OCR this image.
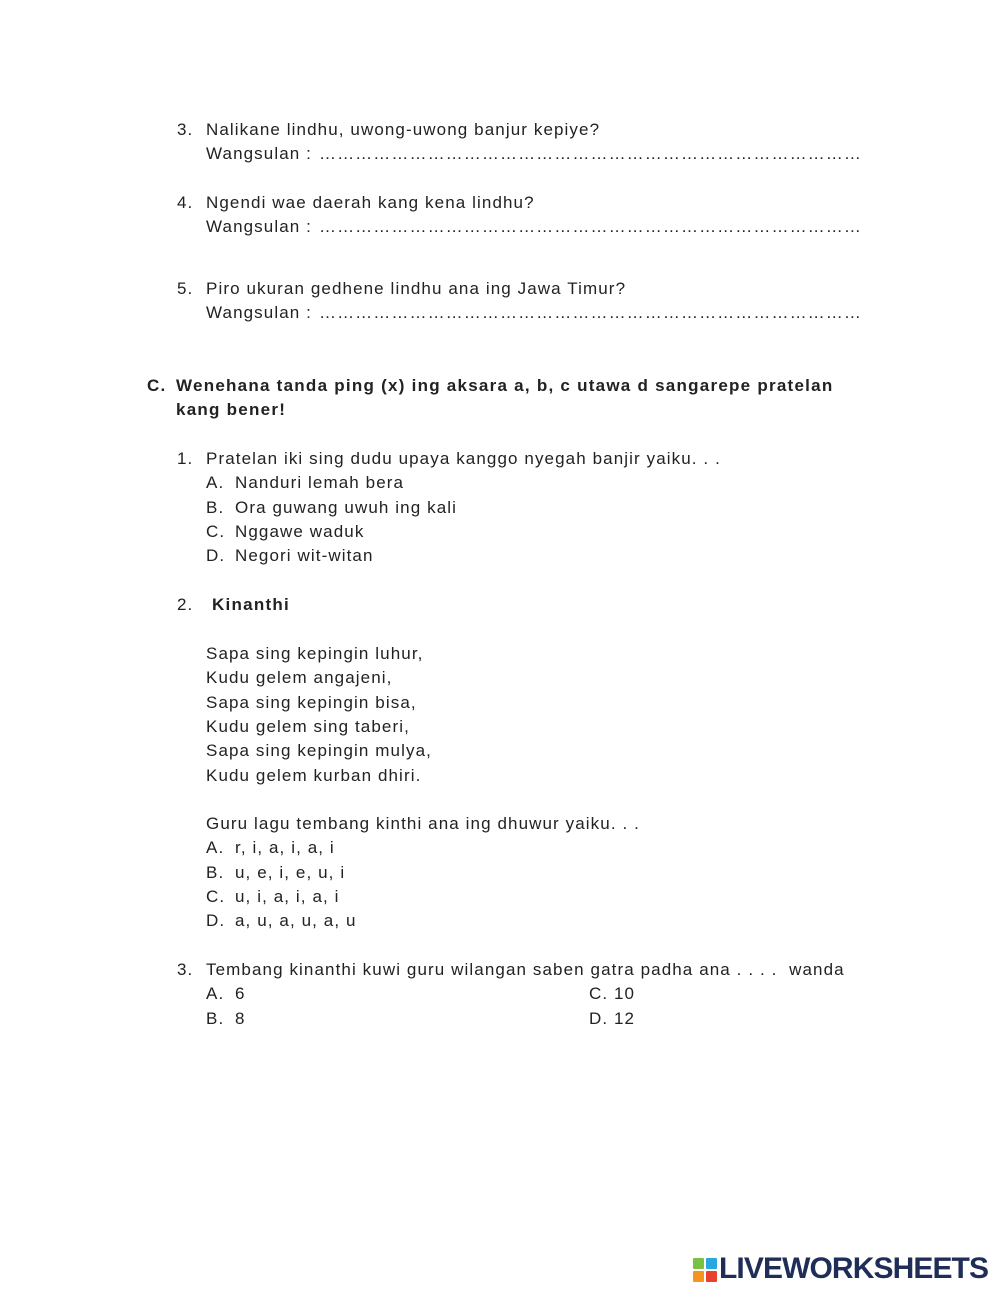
3. Nalikane lindhu, uwong-uwong banjur kepiye?
Wangsulan : ………………………………………………………………………………
4. Ngendi wae daerah kang kena lindhu?
Wangsulan : ………………………………………………………………………………
5. Piro ukuran gedhene lindhu ana ing Jawa Timur?
Wangsulan : ………………………………………………………………………………
C. Wenehana tanda ping (x) ing aksara a, b, c utawa d sangarepe pratelan
kang bener!
1. Pratelan iki sing dudu upaya kanggo nyegah banjir yaiku. . .
A. Nanduri lemah bera
B. Ora guwang uwuh ing kali
C. Nggawe waduk
D. Negori wit-witan
2. Kinanthi
Sapa sing kepingin luhur,
Kudu gelem angajeni,
Sapa sing kepingin bisa,
Kudu gelem sing taberi,
Sapa sing kepingin mulya,
Kudu gelem kurban dhiri.
Guru lagu tembang kinthi ana ing dhuwur yaiku. . .
A. r, i, a, i, a, i
B. u, e, i, e, u, i
C. u, i, a, i, a, i
D. a, u, a, u, a, u
3. Tembang kinanthi kuwi guru wilangan saben gatra padha ana . . . .  wanda
A. 6
B. 8
C. 10
D. 12
LIVEWORKSHEETS
